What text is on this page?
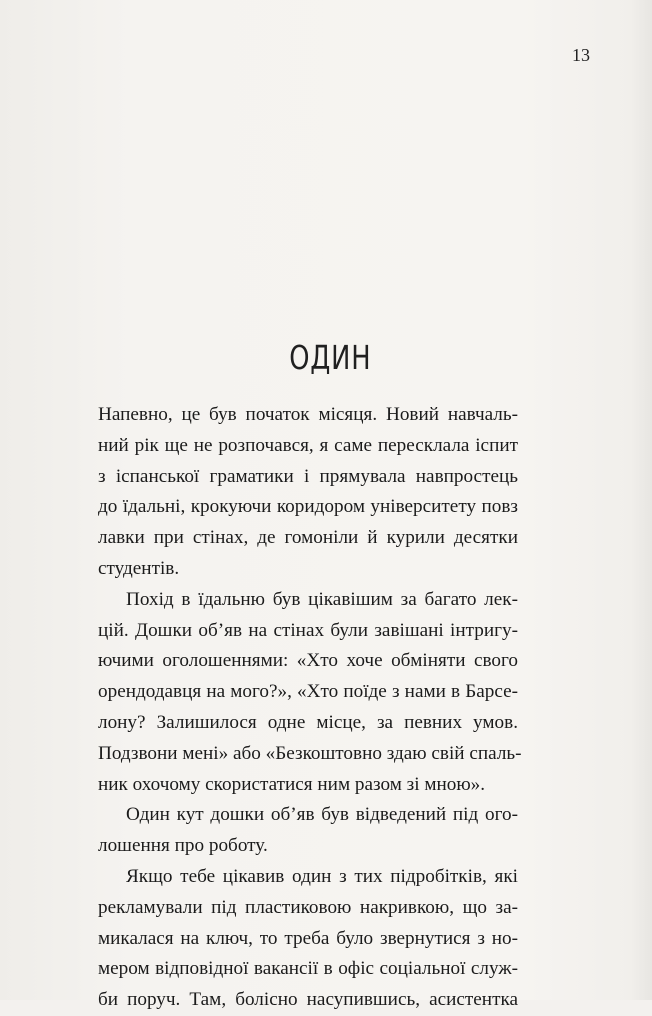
13
ОДИН
Напевно, це був початок місяця. Новий навчаль-
ний рік ще не розпочався, я саме пересклала іспит
з іспанської граматики і прямувала навпростець
до їдальні, крокуючи коридором університету повз
лавки при стінах, де гомоніли й курили десятки
студентів.
Похід в їдальню був цікавішим за багато лек-
цій. Дошки об’яв на стінах були завішані інтригу-
ючими оголошеннями: «Хто хоче обміняти свого
орендодавця на мого?», «Хто поїде з нами в Барсе-
лону? Залишилося одне місце, за певних умов.
Подзвони мені» або «Безкоштовно здаю свій спаль-
ник охочому скористатися ним разом зі мною».
Один кут дошки об’яв був відведений під ого-
лошення про роботу.
Якщо тебе цікавив один з тих підробітків, які
рекламували під пластиковою накривкою, що за-
микалася на ключ, то треба було звернутися з но-
мером відповідної вакансії в офіс соціальної служ-
би поруч. Там, болісно насупившись, асистентка
